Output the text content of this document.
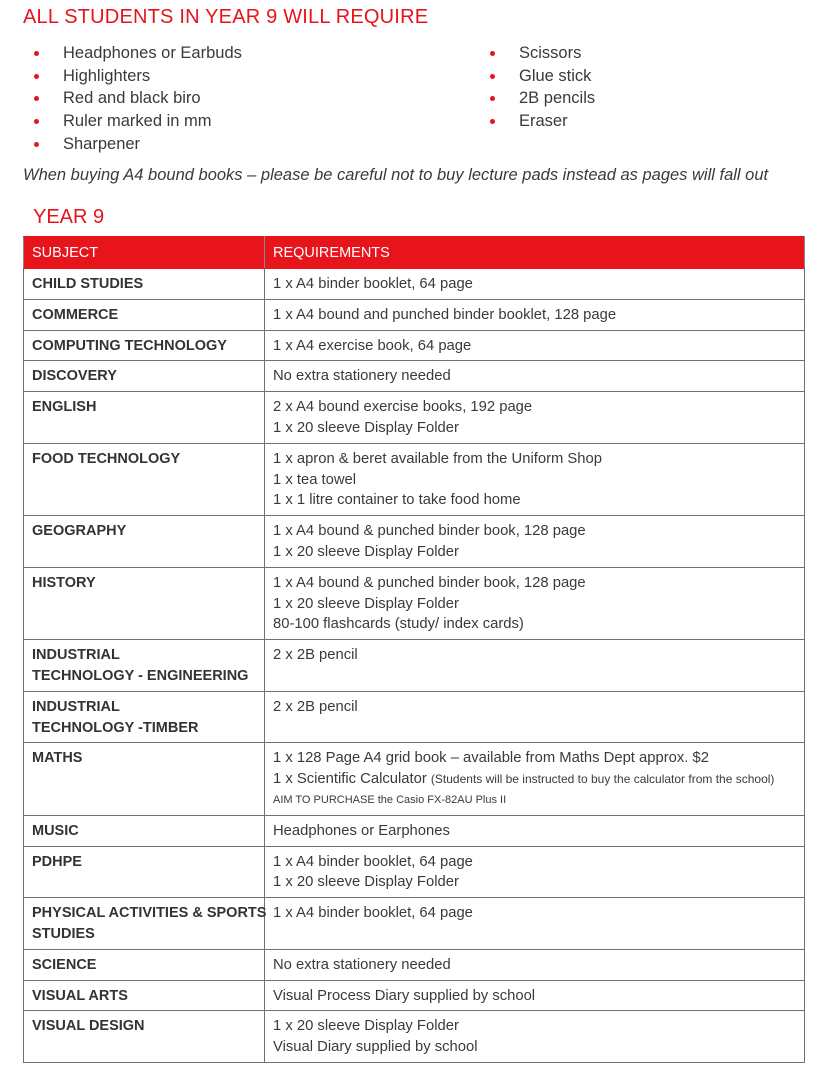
ALL STUDENTS IN YEAR 9 WILL REQUIRE
Headphones or Earbuds
Highlighters
Red and black biro
Ruler marked in mm
Sharpener
Scissors
Glue stick
2B pencils
Eraser
When buying A4 bound books – please be careful not to buy lecture pads instead as pages will fall out
YEAR 9
SUBJECT	REQUIREMENTS

CHILD STUDIES	1 x A4 binder booklet, 64 page

COMMERCE	1 x A4 bound and punched binder booklet, 128 page

COMPUTING TECHNOLOGY	1 x A4 exercise book, 64 page

DISCOVERY	No extra stationery needed

ENGLISH	2 x A4 bound exercise books, 192 page
1 x 20 sleeve Display Folder

FOOD TECHNOLOGY	1 x apron & beret available from the Uniform Shop
1 x tea towel
1 x 1 litre container to take food home

GEOGRAPHY	1 x A4 bound & punched binder book, 128 page
1 x 20 sleeve Display Folder

HISTORY	1 x A4 bound & punched binder book, 128 page
1 x 20 sleeve Display Folder
80-100 flashcards (study/ index cards)

INDUSTRIAL
TECHNOLOGY - ENGINEERING	2 x 2B pencil

INDUSTRIAL
TECHNOLOGY -TIMBER	2 x 2B pencil

MATHS	1 x 128 Page A4 grid book – available from Maths Dept approx. $2
1 x Scientific Calculator (Students will be instructed to buy the calculator from the school)
AIM TO PURCHASE the Casio FX-82AU Plus II

MUSIC	Headphones or Earphones

PDHPE	1 x A4 binder booklet, 64 page
1 x 20 sleeve Display Folder

PHYSICAL ACTIVITIES & SPORTS
STUDIES	1 x A4 binder booklet, 64 page

SCIENCE	No extra stationery needed

VISUAL ARTS	Visual Process Diary supplied by school

VISUAL DESIGN	1 x 20 sleeve Display Folder
Visual Diary supplied by school
